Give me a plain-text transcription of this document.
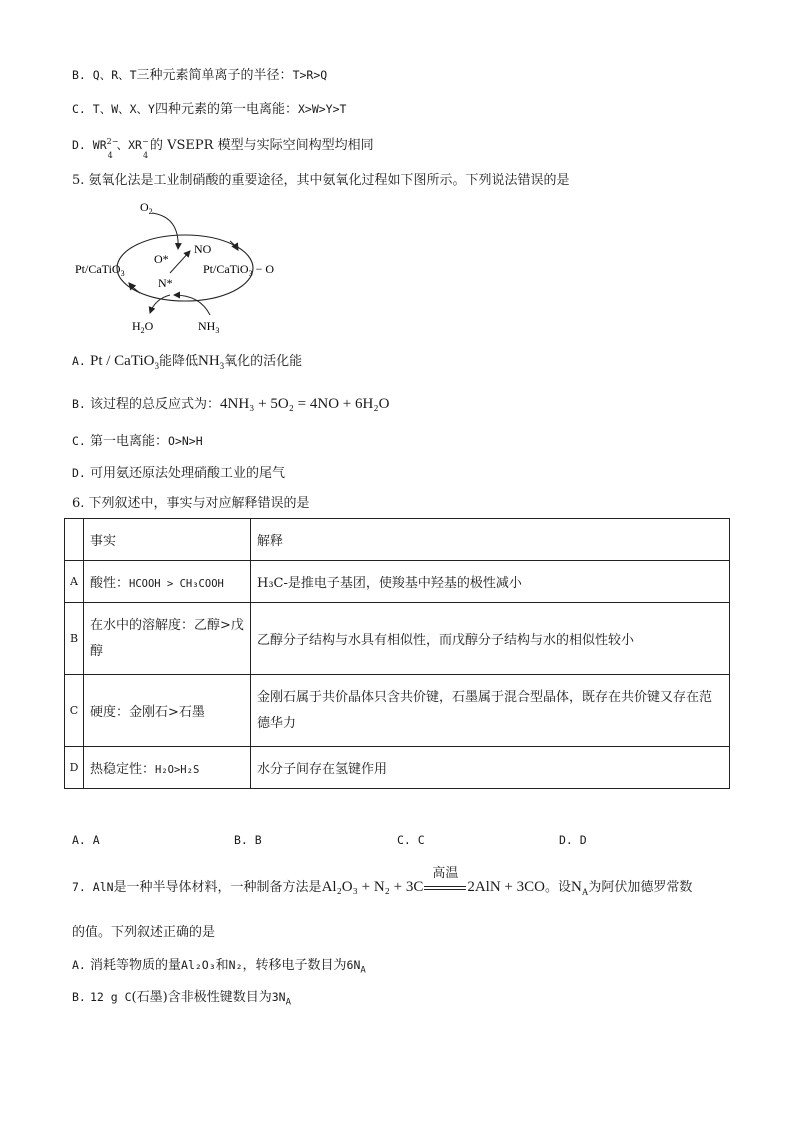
B. Q、R、T三种元素简单离子的半径：T>R>Q
C. T、W、X、Y四种元素的第一电离能：X>W>Y>T
D. WR 2−
4
、XR −
4
的 VSEPR 模型与实际空间构型均相同
5. 氨氧化法是工业制硝酸的重要途径，其中氨氧化过程如下图所示。下列说法错误的是
$O_2$
NO
O*
N*
Pt/CaTiO$_3$	Pt/CaTiO$_3$ − O
$H_2O$	$NH_3$
A. Pt / CaTiO$_3$能降低$NH_3$氧化的活化能
B. 该过程的总反应式为：4NH₃ + 5O₂ = 4NO + 6H₂O
C. 第一电离能：O>N>H
D. 可用氨还原法处理硝酸工业的尾气
6. 下列叙述中，事实与对应解释错误的是
	事实	解释
A	酸性：HCOOH > CH₃COOH	H₃C-是推电子基团，使羧基中羟基的极性减小
B	在水中的溶解度：乙醇>戊醇	乙醇分子结构与水具有相似性，而戊醇分子结构与水的相似性较小
C	硬度：金刚石>石墨	金刚石属于共价晶体只含共价键，石墨属于混合型晶体，既存在共价键又存在范德华力
D	热稳定性：H₂O>H₂S	水分子间存在氢键作用
A. A	B. B	C. C	D. D
7. AlN是一种半导体材料，一种制备方法是Al₂O₃ + N₂ + 3C
高温
2AlN + 3CO。设$N_A$为阿伏加德罗常数
的值。下列叙述正确的是
A. 消耗等物质的量Al₂O₃和N₂，转移电子数目为$6N_A$
B. 12 g C(石墨)含非极性键数目为$3N_A$
